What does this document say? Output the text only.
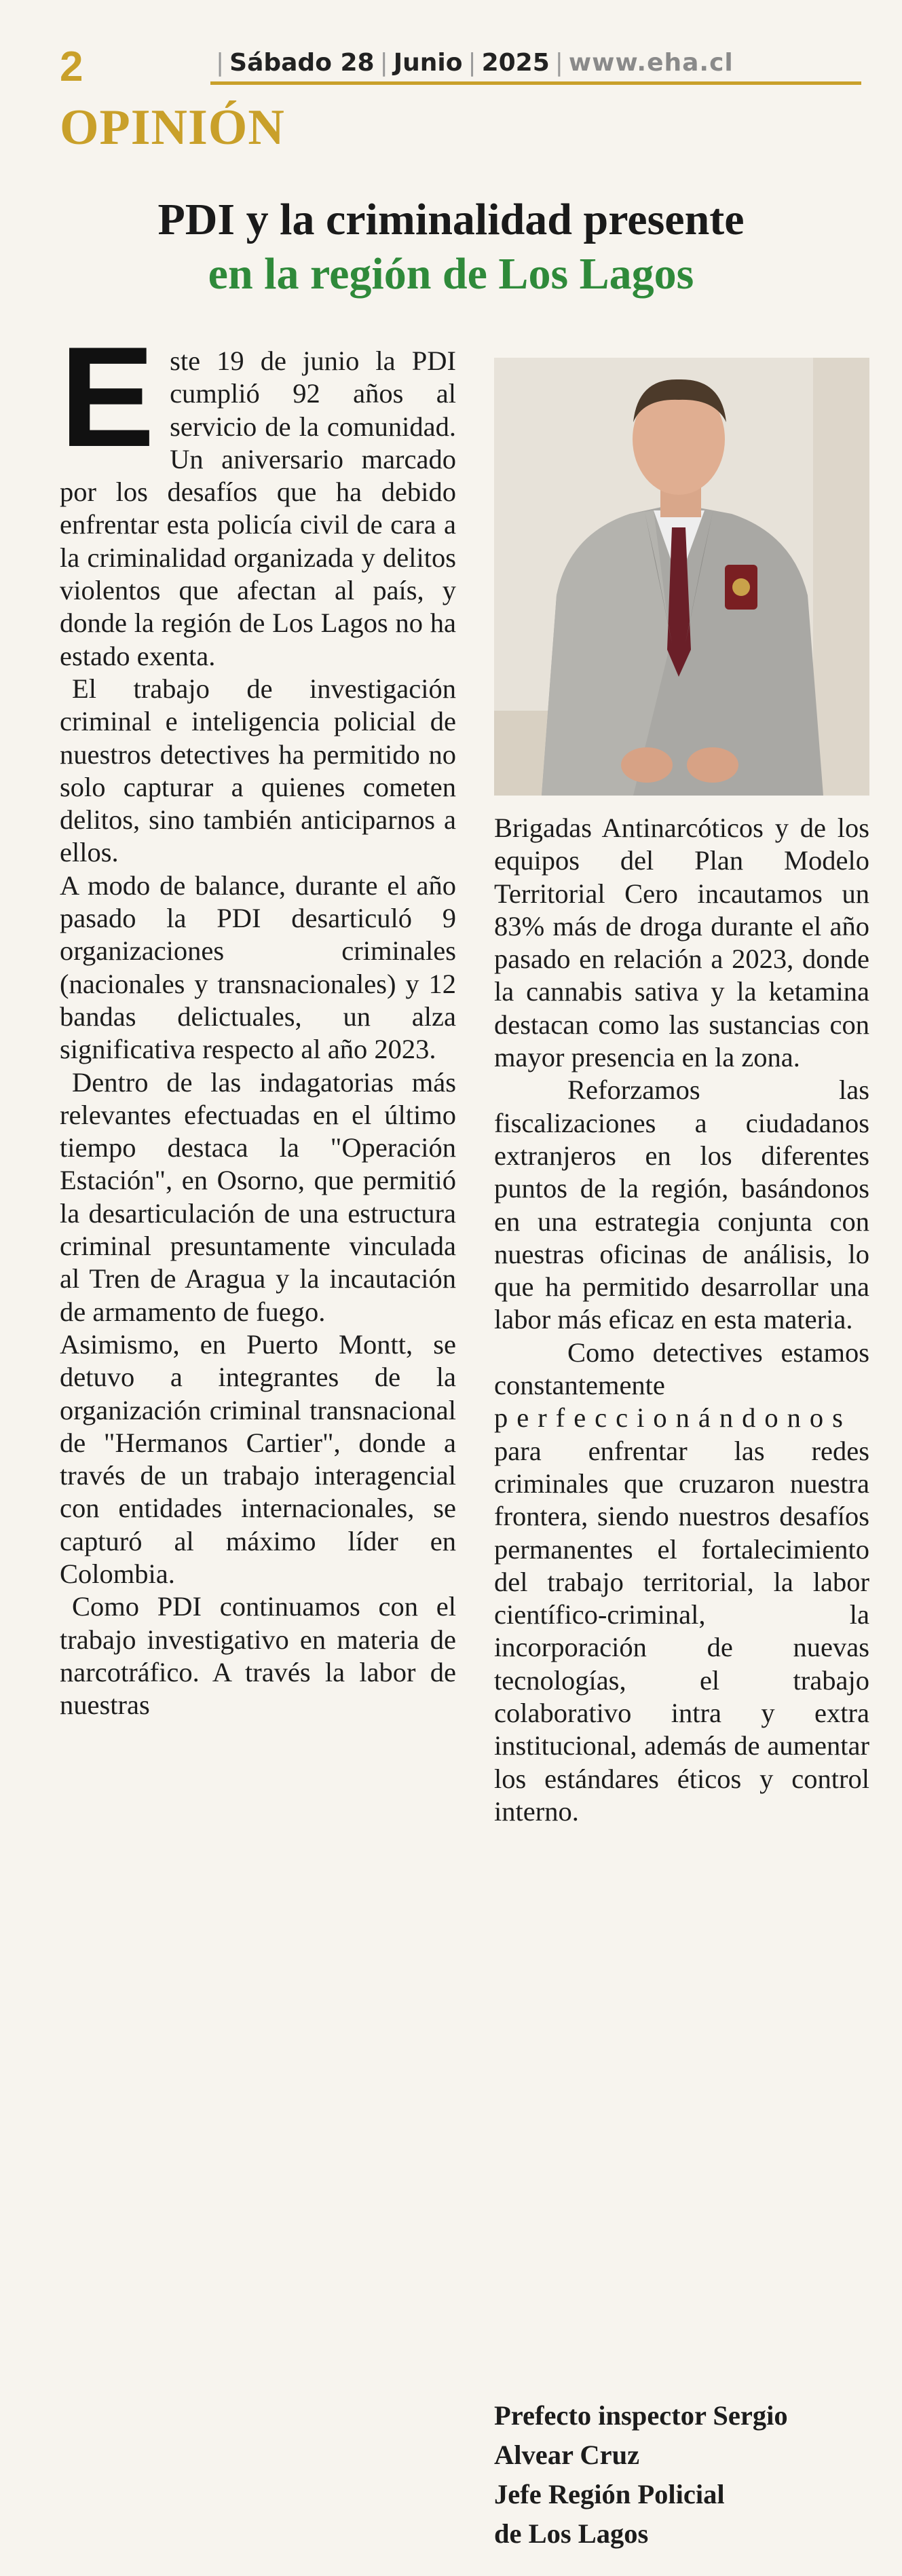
2	| Sábado 28 | Junio | 2025 | www.eha.cl
OPINIÓN
PDI y la criminalidad presente
en la región de Los Lagos

Este 19 de junio la PDI cumplió 92 años al servicio de la comunidad. Un aniversario marcado por los desafíos que ha debido enfrentar esta policía civil de cara a la criminalidad organizada y delitos violentos que afectan al país, y donde la región de Los Lagos no ha estado exenta.

El trabajo de investigación criminal e inteligencia policial de nuestros detectives ha permitido no solo capturar a quienes cometen delitos, sino también anticiparnos a ellos.

A modo de balance, durante el año pasado la PDI desarticuló 9 organizaciones criminales (nacionales y transnacionales) y 12 bandas delictuales, un alza significativa respecto al año 2023.

Dentro de las indagatorias más relevantes efectuadas en el último tiempo destaca la "Operación Estación", en Osorno, que permitió la desarticulación de una estructura criminal presuntamente vinculada al Tren de Aragua y la incautación de armamento de fuego.

Asimismo, en Puerto Montt, se detuvo a integrantes de la organización criminal transnacional de "Hermanos Cartier", donde a través de un trabajo interagencial con entidades internacionales, se capturó al máximo líder en Colombia.

Como PDI continuamos con el trabajo investigativo en materia de narcotráfico. A través la labor de nuestras

Brigadas Antinarcóticos y de los equipos del Plan Modelo Territorial Cero incautamos un 83% más de droga durante el año pasado en relación a 2023, donde la cannabis sativa y la ketamina destacan como las sustancias con mayor presencia en la zona.

Reforzamos las fiscalizaciones a ciudadanos extranjeros en los diferentes puntos de la región, basándonos en una estrategia conjunta con nuestras oficinas de análisis, lo que ha permitido desarrollar una labor más eficaz en esta materia.

Como detectives estamos constantemente

perfeccionándonos

para enfrentar las redes criminales que cruzaron nuestra frontera, siendo nuestros desafíos permanentes el fortalecimiento del trabajo territorial, la labor científico-criminal, la incorporación de nuevas tecnologías, el trabajo colaborativo intra y extra institucional, además de aumentar los estándares éticos y control interno.

Prefecto inspector Sergio
Alvear Cruz
Jefe Región Policial
de Los Lagos
